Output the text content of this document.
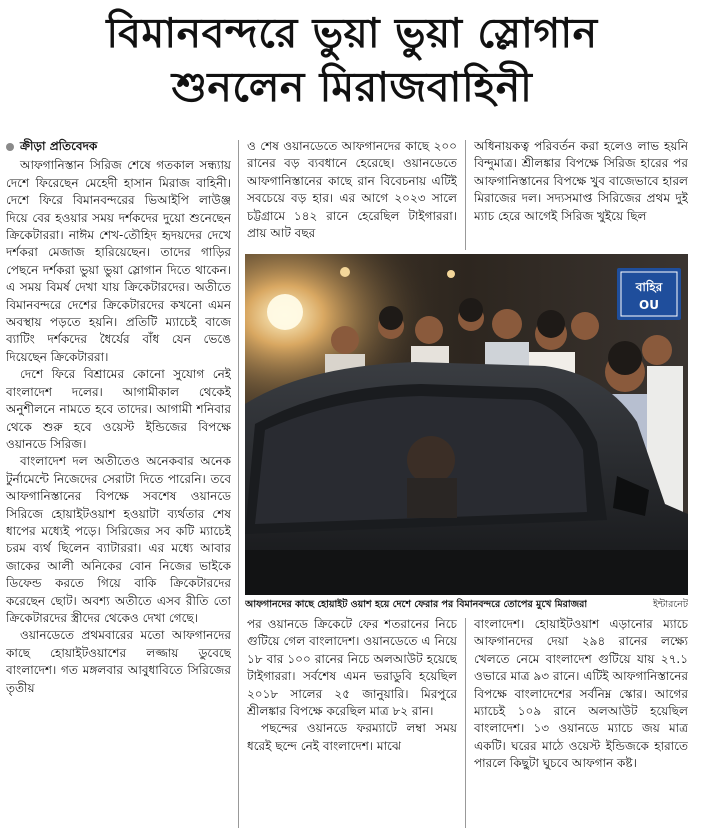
বিমানবন্দরে ভুয়া ভুয়া স্লোগান
শুনলেন মিরাজবাহিনী
ক্রীড়া প্রতিবেদক

আফগানিস্তান সিরিজ শেষে গতকাল সন্ধ্যায় দেশে ফিরেছেন মেহেদী হাসান মিরাজ বাহিনী। দেশে ফিরে বিমানবন্দরের ভিআইপি লাউঞ্জ দিয়ে বের হওয়ার সময় দর্শকদের দুয়ো শুনেছেন ক্রিকেটাররা। নাঈম শেখ-তৌহিদ হৃদয়দের দেখে দর্শকরা মেজাজ হারিয়েছেন। তাদের গাড়ির পেছনে দর্শকরা ভুয়া ভুয়া স্লোগান দিতে থাকেন। এ সময় বিমর্ষ দেখা যায় ক্রিকেটারদের। অতীতে বিমানবন্দরে দেশের ক্রিকেটারদের কখনো এমন অবস্থায় পড়তে হয়নি। প্রতিটি ম্যাচেই বাজে ব্যাটিং দর্শকদের ধৈর্যের বাঁধ যেন ভেঙে দিয়েছেন ক্রিকেটাররা।

দেশে ফিরে বিশ্রামের কোনো সুযোগ নেই বাংলাদেশ দলের। আগামীকাল থেকেই অনুশীলনে নামতে হবে তাদের। আগামী শনিবার থেকে শুরু হবে ওয়েস্ট ইন্ডিজের বিপক্ষে ওয়ানডে সিরিজ।

বাংলাদেশ দল অতীতেও অনেকবার অনেক টুর্নামেন্টে নিজেদের সেরাটা দিতে পারেনি। তবে আফগানিস্তানের বিপক্ষে সবশেষ ওয়ানডে সিরিজে হোয়াইটওয়াশ হওয়াটা ব্যর্থতার শেষ ধাপের মধ্যেই পড়ে। সিরিজের সব কটি ম্যাচেই চরম ব্যর্থ ছিলেন ব্যাটাররা। এর মধ্যে আবার জাকের আলী অনিকের বোন নিজের ভাইকে ডিফেন্ড করতে গিয়ে বাকি ক্রিকেটারদের করেছেন ছোট। অবশ্য অতীতে এসব রীতি তো ক্রিকেটারদের স্ত্রীদের থেকেও দেখা গেছে।

ওয়ানডেতে প্রথমবারের মতো আফগানদের কাছে হোয়াইটওয়াশের লজ্জায় ডুবেছে বাংলাদেশ। গত মঙ্গলবার আবুধাবিতে সিরিজের তৃতীয়

ও শেষ ওয়ানডেতে আফগানদের কাছে ২০০ রানের বড় ব্যবধানে হেরেছে। ওয়ানডেতে আফগানিস্তানের কাছে রান বিবেচনায় এটিই সবচেয়ে বড় হার। এর আগে ২০২৩ সালে চট্টগ্রামে ১৪২ রানে হেরেছিল টাইগাররা। প্রায় আট বছর

অধিনায়কত্ব পরিবর্তন করা হলেও লাভ হয়নি বিন্দুমাত্র। শ্রীলঙ্কার বিপক্ষে সিরিজ হারের পর আফগানিস্তানের বিপক্ষে খুব বাজেভাবে হারল মিরাজের দল। সদ্যসমাপ্ত সিরিজের প্রথম দুই ম্যাচ হেরে আগেই সিরিজ খুইয়ে ছিল

বাহির
OU
আফগানদের কাছে হোয়াইট ওয়াশ হয়ে দেশে ফেরার পর বিমানবন্দরে তোপের মুখে মিরাজরা	ইন্টারনেট

পর ওয়ানডে ক্রিকেটে ফের শতরানের নিচে গুটিয়ে গেল বাংলাদেশ। ওয়ানডেতে এ নিয়ে ১৮ বার ১০০ রানের নিচে অলআউট হয়েছে টাইগাররা। সর্বশেষ এমন ভরাডুবি হয়েছিল ২০১৮ সালের ২৫ জানুয়ারি। মিরপুরে শ্রীলঙ্কার বিপক্ষে করেছিল মাত্র ৮২ রান।

পছন্দের ওয়ানডে ফরম্যাটে লম্বা সময় ধরেই ছন্দে নেই বাংলাদেশ। মাঝে

বাংলাদেশ। হোয়াইটওয়াশ এড়ানোর ম্যাচে আফগানদের দেয়া ২৯৪ রানের লক্ষ্যে খেলতে নেমে বাংলাদেশ গুটিয়ে যায় ২৭.১ ওভারে মাত্র ৯৩ রানে। এটিই আফগানিস্তানের বিপক্ষে বাংলাদেশের সর্বনিম্ন স্কোর। আগের ম্যাচেই ১০৯ রানে অলআউট হয়েছিল বাংলাদেশ। ১৩ ওয়ানডে ম্যাচে জয় মাত্র একটি। ঘরের মাঠে ওয়েস্ট ইন্ডিজকে হারাতে পারলে কিছুটা ঘুচবে আফগান কষ্ট।
